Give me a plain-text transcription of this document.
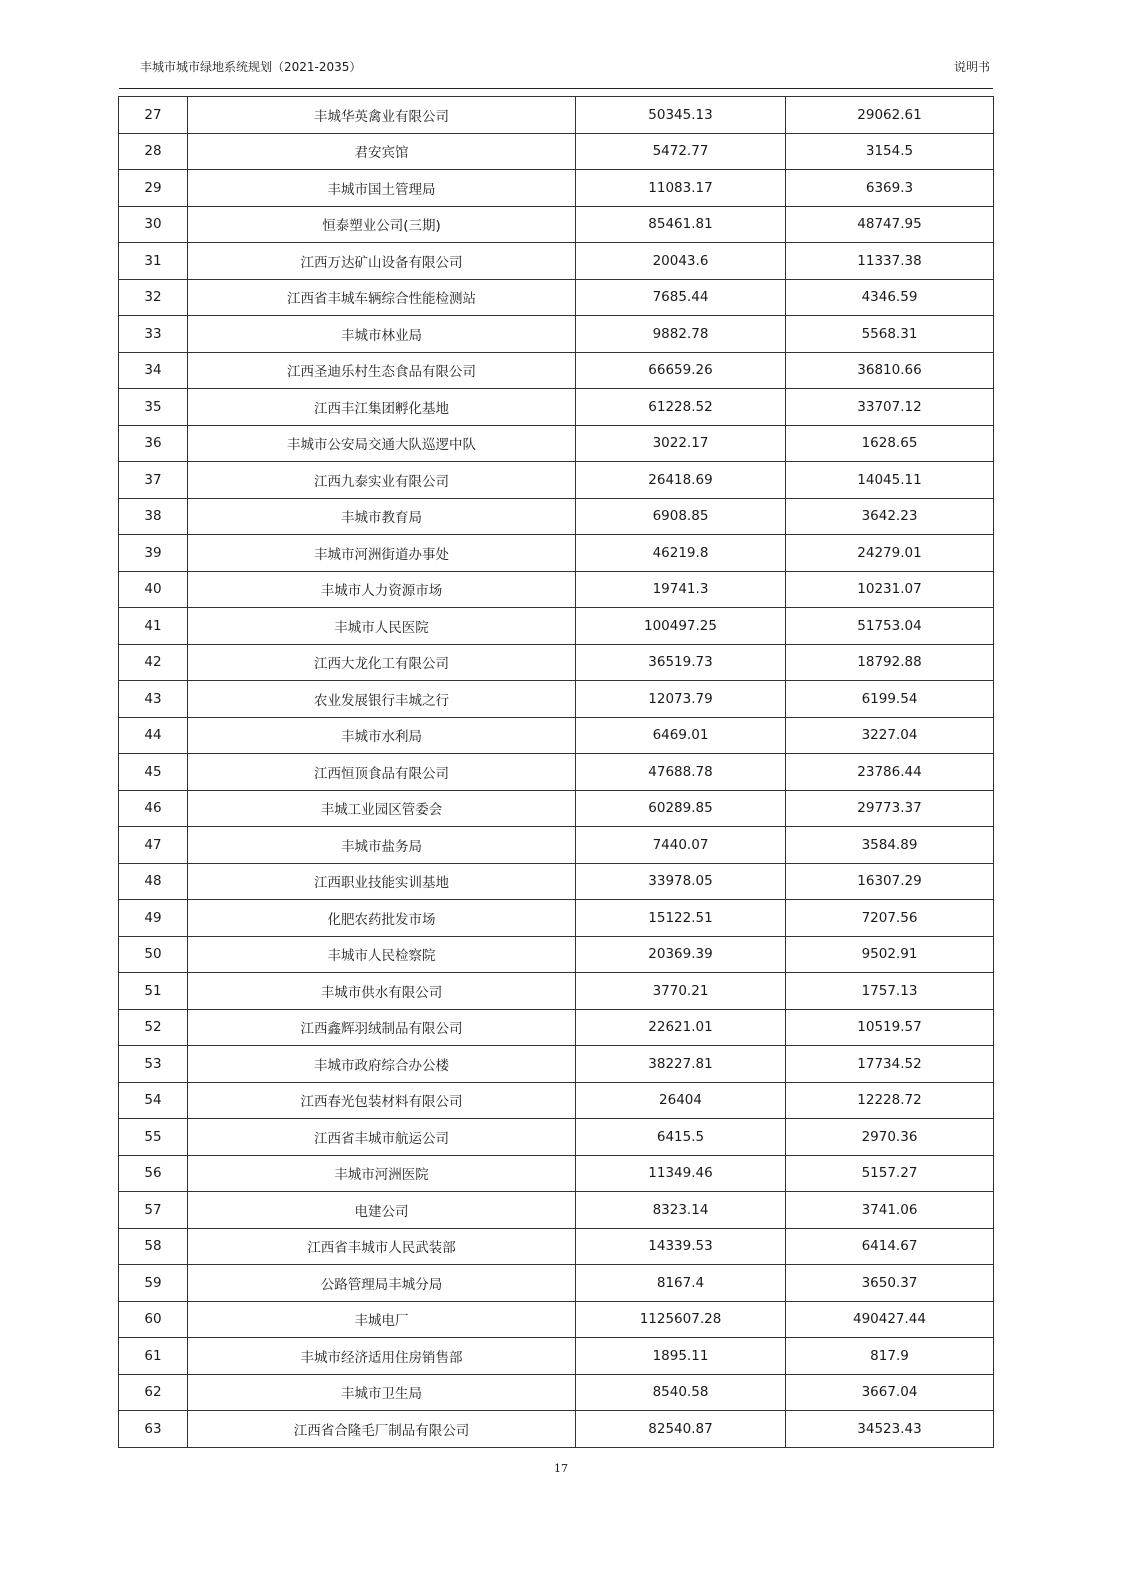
丰城市城市绿地系统规划（2021-2035）	说明书
27	丰城华英禽业有限公司	50345.13	29062.61
28	君安宾馆	5472.77	3154.5
29	丰城市国土管理局	11083.17	6369.3
30	恒泰塑业公司(三期)	85461.81	48747.95
31	江西万达矿山设备有限公司	20043.6	11337.38
32	江西省丰城车辆综合性能检测站	7685.44	4346.59
33	丰城市林业局	9882.78	5568.31
34	江西圣迪乐村生态食品有限公司	66659.26	36810.66
35	江西丰江集团孵化基地	61228.52	33707.12
36	丰城市公安局交通大队巡逻中队	3022.17	1628.65
37	江西九泰实业有限公司	26418.69	14045.11
38	丰城市教育局	6908.85	3642.23
39	丰城市河洲街道办事处	46219.8	24279.01
40	丰城市人力资源市场	19741.3	10231.07
41	丰城市人民医院	100497.25	51753.04
42	江西大龙化工有限公司	36519.73	18792.88
43	农业发展银行丰城之行	12073.79	6199.54
44	丰城市水利局	6469.01	3227.04
45	江西恒顶食品有限公司	47688.78	23786.44
46	丰城工业园区管委会	60289.85	29773.37
47	丰城市盐务局	7440.07	3584.89
48	江西职业技能实训基地	33978.05	16307.29
49	化肥农药批发市场	15122.51	7207.56
50	丰城市人民检察院	20369.39	9502.91
51	丰城市供水有限公司	3770.21	1757.13
52	江西鑫辉羽绒制品有限公司	22621.01	10519.57
53	丰城市政府综合办公楼	38227.81	17734.52
54	江西春光包装材料有限公司	26404	12228.72
55	江西省丰城市航运公司	6415.5	2970.36
56	丰城市河洲医院	11349.46	5157.27
57	电建公司	8323.14	3741.06
58	江西省丰城市人民武装部	14339.53	6414.67
59	公路管理局丰城分局	8167.4	3650.37
60	丰城电厂	1125607.28	490427.44
61	丰城市经济适用住房销售部	1895.11	817.9
62	丰城市卫生局	8540.58	3667.04
63	江西省合隆毛厂制品有限公司	82540.87	34523.43
17
